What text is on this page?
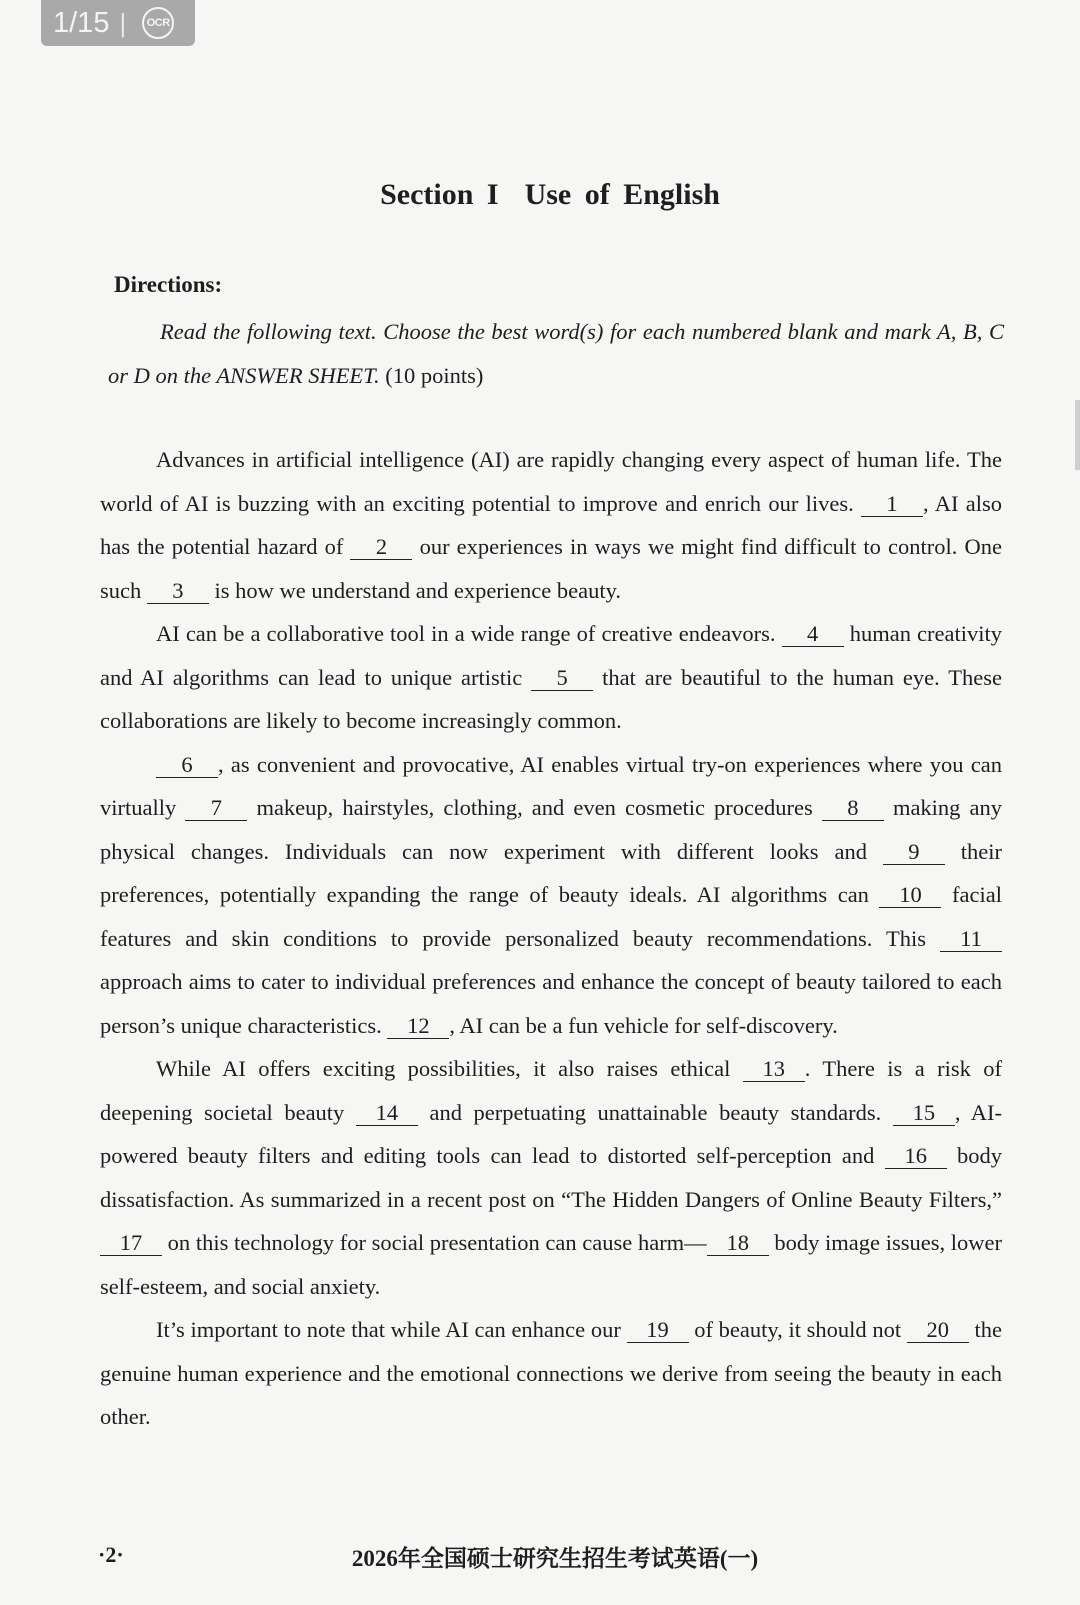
1/15 | OCR
Section I Use of English
Directions:
Read the following text. Choose the best word(s) for each numbered blank and mark A, B, C or D on the ANSWER SHEET. (10 points)

Advances in artificial intelligence (AI) are rapidly changing every aspect of human life. The world of AI is buzzing with an exciting potential to improve and enrich our lives. 1 , AI also has the potential hazard of 2 our experiences in ways we might find difficult to control. One such 3 is how we understand and experience beauty.

AI can be a collaborative tool in a wide range of creative endeavors. 4 human creativity and AI algorithms can lead to unique artistic 5 that are beautiful to the human eye. These collaborations are likely to become increasingly common.

6 , as convenient and provocative, AI enables virtual try-on experiences where you can virtually 7 makeup, hairstyles, clothing, and even cosmetic procedures 8 making any physical changes. Individuals can now experiment with different looks and 9 their preferences, potentially expanding the range of beauty ideals. AI algorithms can 10 facial features and skin conditions to provide personalized beauty recommendations. This 11 approach aims to cater to individual preferences and enhance the concept of beauty tailored to each person’s unique characteristics. 12 , AI can be a fun vehicle for self-discovery.

While AI offers exciting possibilities, it also raises ethical 13 . There is a risk of deepening societal beauty 14 and perpetuating unattainable beauty standards. 15 , AI-powered beauty filters and editing tools can lead to distorted self-perception and 16 body dissatisfaction. As summarized in a recent post on “The Hidden Dangers of Online Beauty Filters,” 17 on this technology for social presentation can cause harm— 18 body image issues, lower self-esteem, and social anxiety.

It’s important to note that while AI can enhance our 19 of beauty, it should not 20 the genuine human experience and the emotional connections we derive from seeing the beauty in each other.

·2·	2026年全国硕士研究生招生考试英语(一)
